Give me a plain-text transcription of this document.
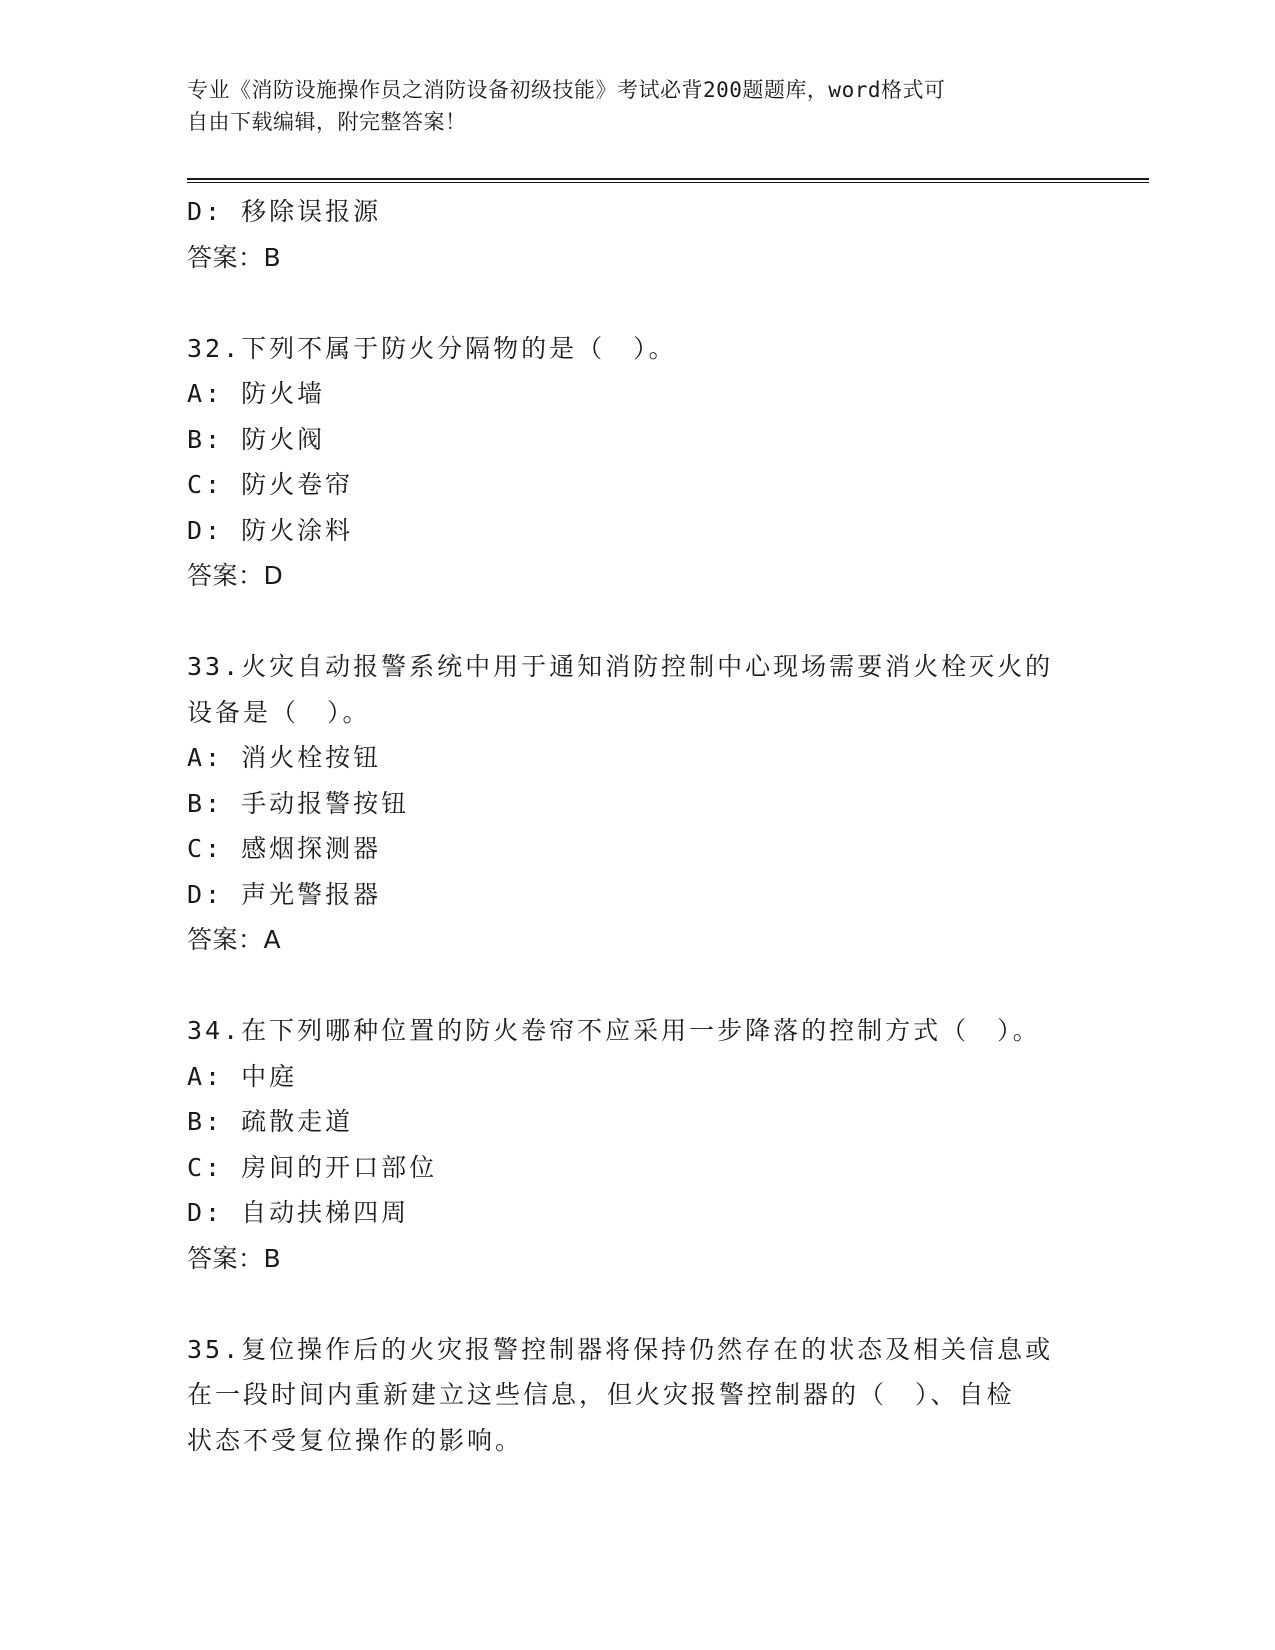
专业《消防设施操作员之消防设备初级技能》考试必背200题题库，word格式可
自由下载编辑，附完整答案！
D: 移除误报源
答案：B
32.下列不属于防火分隔物的是（　）。
A: 防火墙
B: 防火阀
C: 防火卷帘
D: 防火涂料
答案：D
33.火灾自动报警系统中用于通知消防控制中心现场需要消火栓灭火的
设备是（　）。
A: 消火栓按钮
B: 手动报警按钮
C: 感烟探测器
D: 声光警报器
答案：A
34.在下列哪种位置的防火卷帘不应采用一步降落的控制方式（　）。
A: 中庭
B: 疏散走道
C: 房间的开口部位
D: 自动扶梯四周
答案：B
35.复位操作后的火灾报警控制器将保持仍然存在的状态及相关信息或
在一段时间内重新建立这些信息，但火灾报警控制器的（　）、自检
状态不受复位操作的影响。
